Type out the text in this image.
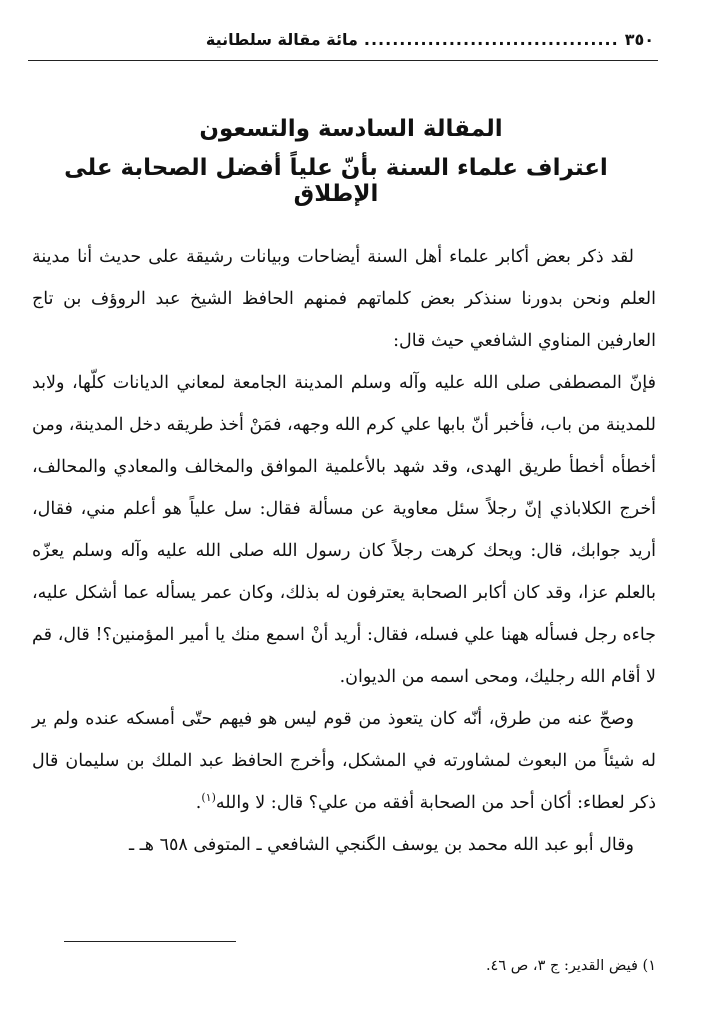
٣٥٠
....................................
مائة مقالة سلطانية
المقالة السادسة والتسعون
اعتراف علماء السنة بأنّ علياً أفضل الصحابة على الإطلاق

لقد ذكر بعض أكابر علماء أهل السنة أيضاحات وبيانات رشيقة على حديث أنا مدينة العلم ونحن بدورنا سنذكر بعض كلماتهم فمنهم الحافظ الشيخ عبد الروؤف بن تاج العارفين المناوي الشافعي حيث قال:

فإنّ المصطفى صلى الله عليه وآله وسلم المدينة الجامعة لمعاني الديانات كلّها، ولابد للمدينة من باب، فأخبر أنّ بابها علي كرم الله وجهه، فمَنْ أخذ طريقه دخل المدينة، ومن أخطأه أخطأ طريق الهدى، وقد شهد بالأعلمية الموافق والمخالف والمعادي والمحالف، أخرج الكلاباذي إنّ رجلاً سئل معاوية عن مسألة فقال: سل علياً هو أعلم مني، فقال، أريد جوابك، قال: ويحك كرهت رجلاً كان رسول الله صلى الله عليه وآله وسلم يعزّه بالعلم عزا، وقد كان أكابر الصحابة يعترفون له بذلك، وكان عمر يسأله عما أشكل عليه، جاءه رجل فسأله ههنا علي فسله، فقال: أريد أنْ اسمع منك يا أمير المؤمنين؟! قال، قم لا أقام الله رجليك، ومحى اسمه من الديوان.

وصحّ عنه من طرق، أنّه كان يتعوذ من قوم ليس هو فيهم حتّى أمسكه عنده ولم ير له شيئاً من البعوث لمشاورته في المشكل، وأخرج الحافظ عبد الملك بن سليمان قال ذكر لعطاء: أكان أحد من الصحابة أفقه من علي؟ قال: لا والله$^{(١)}$.

وقال أبو عبد الله محمد بن يوسف الگنجي الشافعي ـ المتوفى ٦٥٨ هـ ـ

١) فيض القدير: ج ٣، ص ٤٦.
